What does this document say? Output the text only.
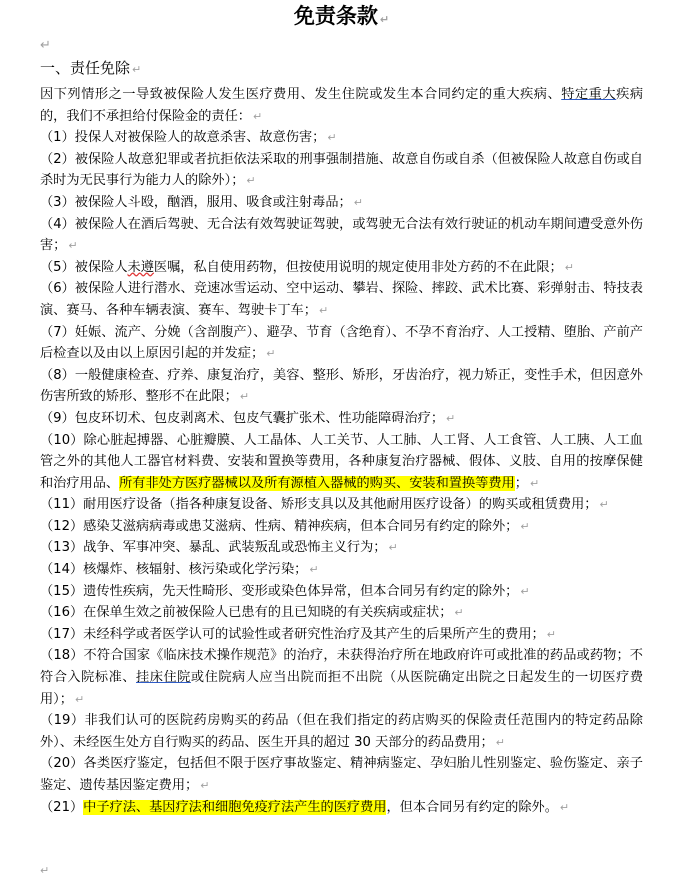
免责条款 ↵
↵
一、责任免除 ↵

因下列情形之一导致被保险人发生医疗费用、发生住院或发生本合同约定的重大疾病、特定重大疾病的，我们不承担给付保险金的责任： ↵

（1）投保人对被保险人的故意杀害、故意伤害； ↵

（2）被保险人故意犯罪或者抗拒依法采取的刑事强制措施、故意自伤或自杀（但被保险人故意自伤或自杀时为无民事行为能力人的除外）； ↵

（3）被保险人斗殴，酗酒，服用、吸食或注射毒品； ↵

（4）被保险人在酒后驾驶、无合法有效驾驶证驾驶，或驾驶无合法有效行驶证的机动车期间遭受意外伤害； ↵

（5）被保险人未遵医嘱，私自使用药物，但按使用说明的规定使用非处方药的不在此限； ↵

（6）被保险人进行潜水、竞速冰雪运动、空中运动、攀岩、探险、摔跤、武术比赛、彩弹射击、特技表演、赛马、各种车辆表演、赛车、驾驶卡丁车； ↵

（7）妊娠、流产、分娩（含剖腹产）、避孕、节育（含绝育）、不孕不育治疗、人工授精、堕胎、产前产后检查以及由以上原因引起的并发症； ↵

（8）一般健康检查、疗养、康复治疗，美容、整形、矫形，牙齿治疗，视力矫正，变性手术，但因意外伤害所致的矫形、整形不在此限； ↵

（9）包皮环切术、包皮剥离术、包皮气囊扩张术、性功能障碍治疗； ↵

（10）除心脏起搏器、心脏瓣膜、人工晶体、人工关节、人工肺、人工肾、人工食管、人工胰、人工血管之外的其他人工器官材料费、安装和置换等费用，各种康复治疗器械、假体、义肢、自用的按摩保健和治疗用品、所有非处方医疗器械以及所有源植入器械的购买、安装和置换等费用； ↵

（11）耐用医疗设备（指各种康复设备、矫形支具以及其他耐用医疗设备）的购买或租赁费用； ↵

（12）感染艾滋病病毒或患艾滋病、性病、精神疾病，但本合同另有约定的除外； ↵

（13）战争、军事冲突、暴乱、武装叛乱或恐怖主义行为； ↵

（14）核爆炸、核辐射、核污染或化学污染； ↵

（15）遗传性疾病，先天性畸形、变形或染色体异常，但本合同另有约定的除外； ↵

（16）在保单生效之前被保险人已患有的且已知晓的有关疾病或症状； ↵

（17）未经科学或者医学认可的试验性或者研究性治疗及其产生的后果所产生的费用； ↵

（18）不符合国家《临床技术操作规范》的治疗，未获得治疗所在地政府许可或批准的药品或药物；不符合入院标准、挂床住院或住院病人应当出院而拒不出院（从医院确定出院之日起发生的一切医疗费用）； ↵

（19）非我们认可的医院药房购买的药品（但在我们指定的药店购买的保险责任范围内的特定药品除外）、未经医生处方自行购买的药品、医生开具的超过 30 天部分的药品费用； ↵

（20）各类医疗鉴定，包括但不限于医疗事故鉴定、精神病鉴定、孕妇胎儿性别鉴定、验伤鉴定、亲子鉴定、遗传基因鉴定费用； ↵

（21）中子疗法、基因疗法和细胞免疫疗法产生的医疗费用，但本合同另有约定的除外。 ↵

↵
